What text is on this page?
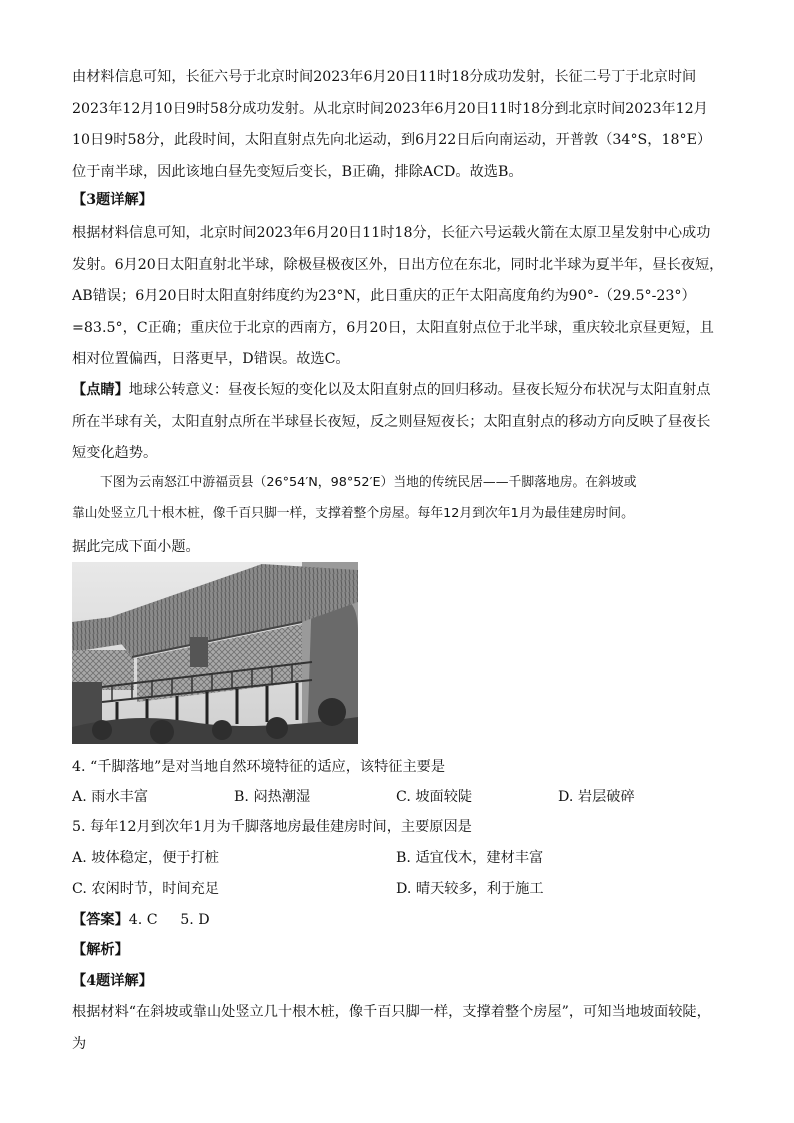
由材料信息可知，长征六号于北京时间2023年6月20日11时18分成功发射，长征二号丁于北京时间2023年12月10日9时58分成功发射。从北京时间2023年6月20日11时18分到北京时间2023年12月10日9时58分，此段时间，太阳直射点先向北运动，到6月22日后向南运动，开普敦（34°S，18°E）位于南半球，因此该地白昼先变短后变长，B正确，排除ACD。故选B。
【3题详解】
根据材料信息可知，北京时间2023年6月20日11时18分，长征六号运载火箭在太原卫星发射中心成功发射。6月20日太阳直射北半球，除极昼极夜区外，日出方位在东北，同时北半球为夏半年，昼长夜短，AB错误；6月20日时太阳直射纬度约为23°N，此日重庆的正午太阳高度角约为90°-（29.5°-23°）=83.5°，C正确；重庆位于北京的西南方，6月20日，太阳直射点位于北半球，重庆较北京昼更短，且相对位置偏西，日落更早，D错误。故选C。
【点睛】地球公转意义：昼夜长短的变化以及太阳直射点的回归移动。昼夜长短分布状况与太阳直射点所在半球有关，太阳直射点所在半球昼长夜短，反之则昼短夜长；太阳直射点的移动方向反映了昼夜长短变化趋势。
下图为云南怒江中游福贡县（26°54′N，98°52′E）当地的传统民居——千脚落地房。在斜坡或
靠山处竖立几十根木桩，像千百只脚一样，支撑着整个房屋。每年12月到次年1月为最佳建房时间。
据此完成下面小题。
4. “千脚落地”是对当地自然环境特征的适应，该特征主要是
A. 雨水丰富	B. 闷热潮湿	C. 坡面较陡	D. 岩层破碎
5. 每年12月到次年1月为千脚落地房最佳建房时间，主要原因是
A. 坡体稳定，便于打桩	B. 适宜伐木，建材丰富
C. 农闲时节，时间充足	D. 晴天较多，利于施工
【答案】4. C     5. D
【解析】
【4题详解】
根据材料“在斜坡或靠山处竖立几十根木桩，像千百只脚一样，支撑着整个房屋”，可知当地坡面较陡，为
